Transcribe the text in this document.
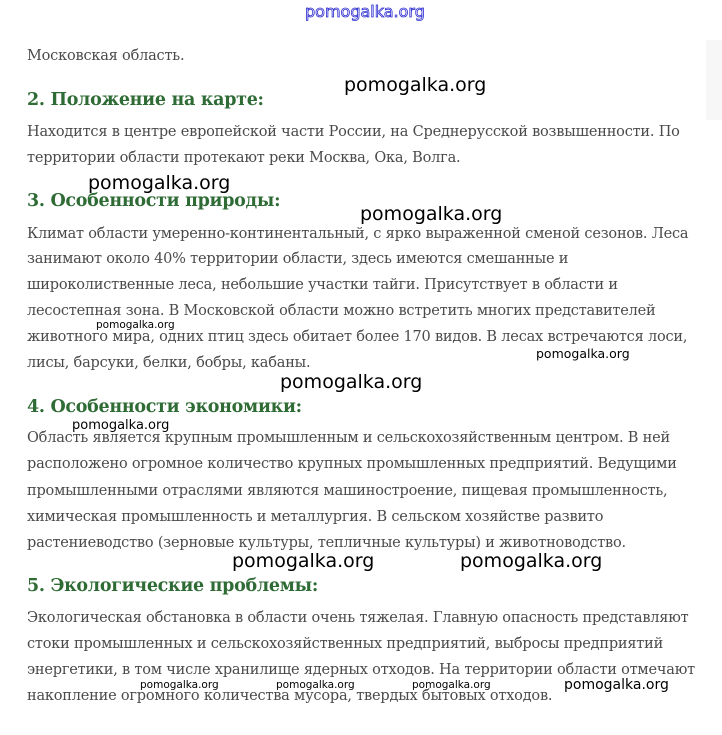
pomogalka.org
Московская область.
2. Положение на карте:
Находится в центре европейской части России, на Среднерусской возвышенности. По
территории области протекают реки Москва, Ока, Волга.
3. Особенности природы:
Климат области умеренно-континентальный, с ярко выраженной сменой сезонов. Леса
занимают около 40% территории области, здесь имеются смешанные и
широколиственные леса, небольшие участки тайги. Присутствует в области и
лесостепная зона. В Московской области можно встретить многих представителей
животного мира, одних птиц здесь обитает более 170 видов. В лесах встречаются лоси,
лисы, барсуки, белки, бобры, кабаны.
4. Особенности экономики:
Область является крупным промышленным и сельскохозяйственным центром. В ней
расположено огромное количество крупных промышленных предприятий. Ведущими
промышленными отраслями являются машиностроение, пищевая промышленность,
химическая промышленность и металлургия. В сельском хозяйстве развито
растениеводство (зерновые культуры, тепличные культуры) и животноводство.
5. Экологические проблемы:
Экологическая обстановка в области очень тяжелая. Главную опасность представляют
стоки промышленных и сельскохозяйственных предприятий, выбросы предприятий
энергетики, в том числе хранилище ядерных отходов. На территории области отмечают
накопление огромного количества мусора, твердых бытовых отходов.
pomogalka.org
pomogalka.org
pomogalka.org
pomogalka.org
pomogalka.org
pomogalka.org
pomogalka.org
pomogalka.org	pomogalka.org
pomogalka.org	pomogalka.org	pomogalka.org	pomogalka.org
